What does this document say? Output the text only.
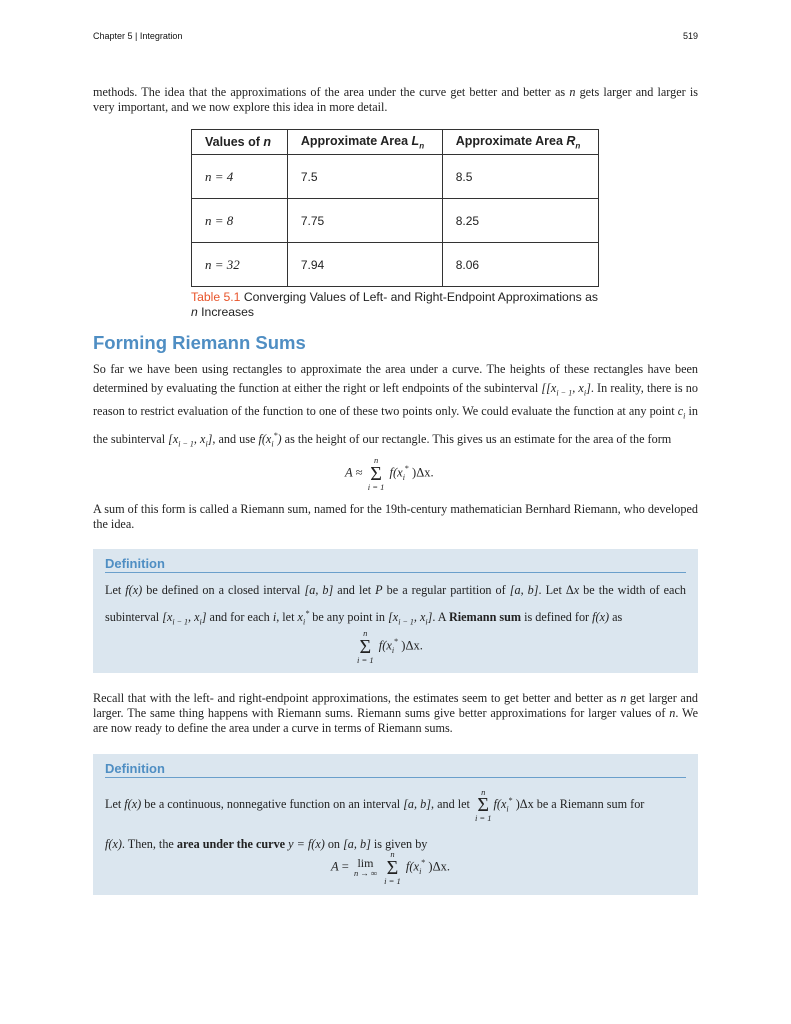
Chapter 5 | Integration	519

methods. The idea that the approximations of the area under the curve get better and better as n gets larger and larger is very important, and we now explore this idea in more detail.

Values of n	Approximate Area $L_n$	Approximate Area $R_n$
n = 4	7.5	8.5
n = 8	7.75	8.25
n = 32	7.94	8.06
Table 5.1 Converging Values of Left- and Right-Endpoint Approximations as n Increases
Forming Riemann Sums

So far we have been using rectangles to approximate the area under a curve. The heights of these rectangles have been determined by evaluating the function at either the right or left endpoints of the subinterval [[$x_{i - 1}$, $x_i$]. In reality, there is no reason to restrict evaluation of the function to one of these two points only. We could evaluate the function at any point $c_i$ in the subinterval [$x_{i - 1}$, $x_i$], and use $f(x_i^*)$ as the height of our rectangle. This gives us an estimate for the area of the form

A ≈
n
Σ
i = 1
$f(x_i^*$ )Δx.

A sum of this form is called a Riemann sum, named for the 19th-century mathematician Bernhard Riemann, who developed the idea.

Definition
Let f(x) be defined on a closed interval [a, b] and let P be a regular partition of [a, b]. Let Δx be the width of each subinterval [$x_{i - 1}$, $x_i$] and for each i, let $x_i^*$ be any point in [$x_{i - 1}$, $x_i$]. A Riemann sum is defined for f(x) as
n
Σ
i = 1
$f(x_i^*$ )Δx.

Recall that with the left- and right-endpoint approximations, the estimates seem to get better and better as n get larger and larger. The same thing happens with Riemann sums. Riemann sums give better approximations for larger values of n. We are now ready to define the area under a curve in terms of Riemann sums.

Definition
Let f(x) be a continuous, nonnegative function on an interval [a, b], and let
n
Σ
i = 1
$f(x_i^*$ )Δx be a Riemann sum for
f(x). Then, the area under the curve y = f(x) on [a, b] is given by
A = lim
n → ∞

n
Σ
i = 1
$f(x_i^*$ )Δx.
